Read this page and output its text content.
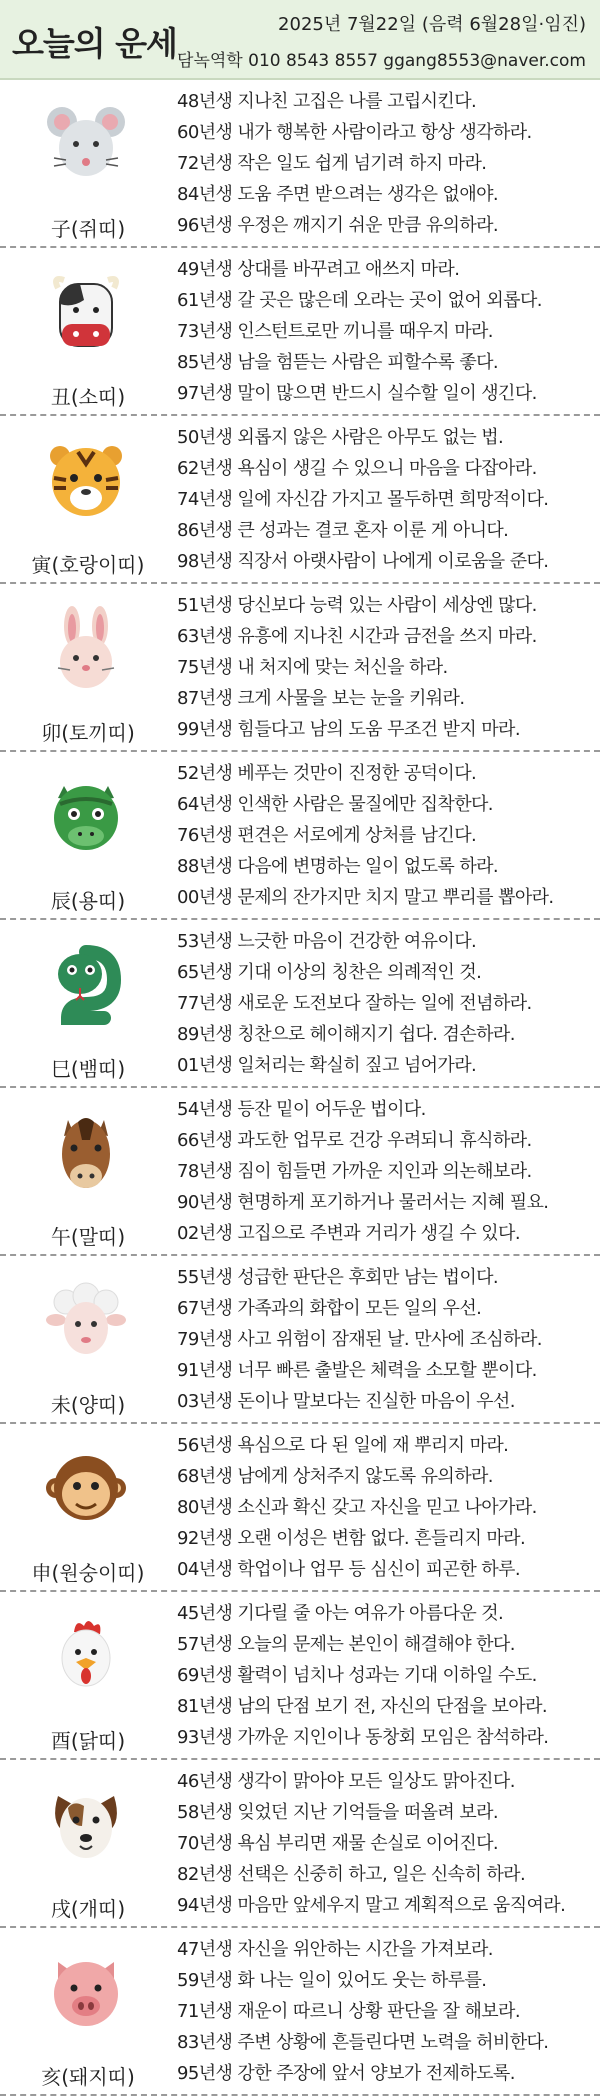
오늘의 운세	2025년 7월22일 (음력 6월28일·임진)
담녹역학 010 8543 8557 ggang8553@naver.com
子(쥐띠)
48년생 지나친 고집은 나를 고립시킨다.
60년생 내가 행복한 사람이라고 항상 생각하라.
72년생 작은 일도 쉽게 넘기려 하지 마라.
84년생 도움 주면 받으려는 생각은 없애야.
96년생 우정은 깨지기 쉬운 만큼 유의하라.
丑(소띠)
49년생 상대를 바꾸려고 애쓰지 마라.
61년생 갈 곳은 많은데 오라는 곳이 없어 외롭다.
73년생 인스턴트로만 끼니를 때우지 마라.
85년생 남을 험뜯는 사람은 피할수록 좋다.
97년생 말이 많으면 반드시 실수할 일이 생긴다.
寅(호랑이띠)
50년생 외롭지 않은 사람은 아무도 없는 법.
62년생 욕심이 생길 수 있으니 마음을 다잡아라.
74년생 일에 자신감 가지고 몰두하면 희망적이다.
86년생 큰 성과는 결코 혼자 이룬 게 아니다.
98년생 직장서 아랫사람이 나에게 이로움을 준다.
卯(토끼띠)
51년생 당신보다 능력 있는 사람이 세상엔 많다.
63년생 유흥에 지나친 시간과 금전을 쓰지 마라.
75년생 내 처지에 맞는 처신을 하라.
87년생 크게 사물을 보는 눈을 키워라.
99년생 힘들다고 남의 도움 무조건 받지 마라.
辰(용띠)
52년생 베푸는 것만이 진정한 공덕이다.
64년생 인색한 사람은 물질에만 집착한다.
76년생 편견은 서로에게 상처를 남긴다.
88년생 다음에 변명하는 일이 없도록 하라.
00년생 문제의 잔가지만 치지 말고 뿌리를 뽑아라.
巳(뱀띠)
53년생 느긋한 마음이 건강한 여유이다.
65년생 기대 이상의 칭찬은 의례적인 것.
77년생 새로운 도전보다 잘하는 일에 전념하라.
89년생 칭찬으로 헤이해지기 쉽다. 겸손하라.
01년생 일처리는 확실히 짚고 넘어가라.
午(말띠)
54년생 등잔 밑이 어두운 법이다.
66년생 과도한 업무로 건강 우려되니 휴식하라.
78년생 짐이 힘들면 가까운 지인과 의논해보라.
90년생 현명하게 포기하거나 물러서는 지혜 필요.
02년생 고집으로 주변과 거리가 생길 수 있다.
未(양띠)
55년생 성급한 판단은 후회만 남는 법이다.
67년생 가족과의 화합이 모든 일의 우선.
79년생 사고 위험이 잠재된 날. 만사에 조심하라.
91년생 너무 빠른 출발은 체력을 소모할 뿐이다.
03년생 돈이나 말보다는 진실한 마음이 우선.
申(원숭이띠)
56년생 욕심으로 다 된 일에 재 뿌리지 마라.
68년생 남에게 상처주지 않도록 유의하라.
80년생 소신과 확신 갖고 자신을 믿고 나아가라.
92년생 오랜 이성은 변함 없다. 흔들리지 마라.
04년생 학업이나 업무 등 심신이 피곤한 하루.
酉(닭띠)
45년생 기다릴 줄 아는 여유가 아름다운 것.
57년생 오늘의 문제는 본인이 해결해야 한다.
69년생 활력이 넘치나 성과는 기대 이하일 수도.
81년생 남의 단점 보기 전, 자신의 단점을 보아라.
93년생 가까운 지인이나 동창회 모임은 참석하라.
戌(개띠)
46년생 생각이 맑아야 모든 일상도 맑아진다.
58년생 잊었던 지난 기억들을 떠올려 보라.
70년생 욕심 부리면 재물 손실로 이어진다.
82년생 선택은 신중히 하고, 일은 신속히 하라.
94년생 마음만 앞세우지 말고 계획적으로 움직여라.
亥(돼지띠)
47년생 자신을 위안하는 시간을 가져보라.
59년생 화 나는 일이 있어도 웃는 하루를.
71년생 재운이 따르니 상황 판단을 잘 해보라.
83년생 주변 상황에 흔들린다면 노력을 허비한다.
95년생 강한 주장에 앞서 양보가 전제하도록.
